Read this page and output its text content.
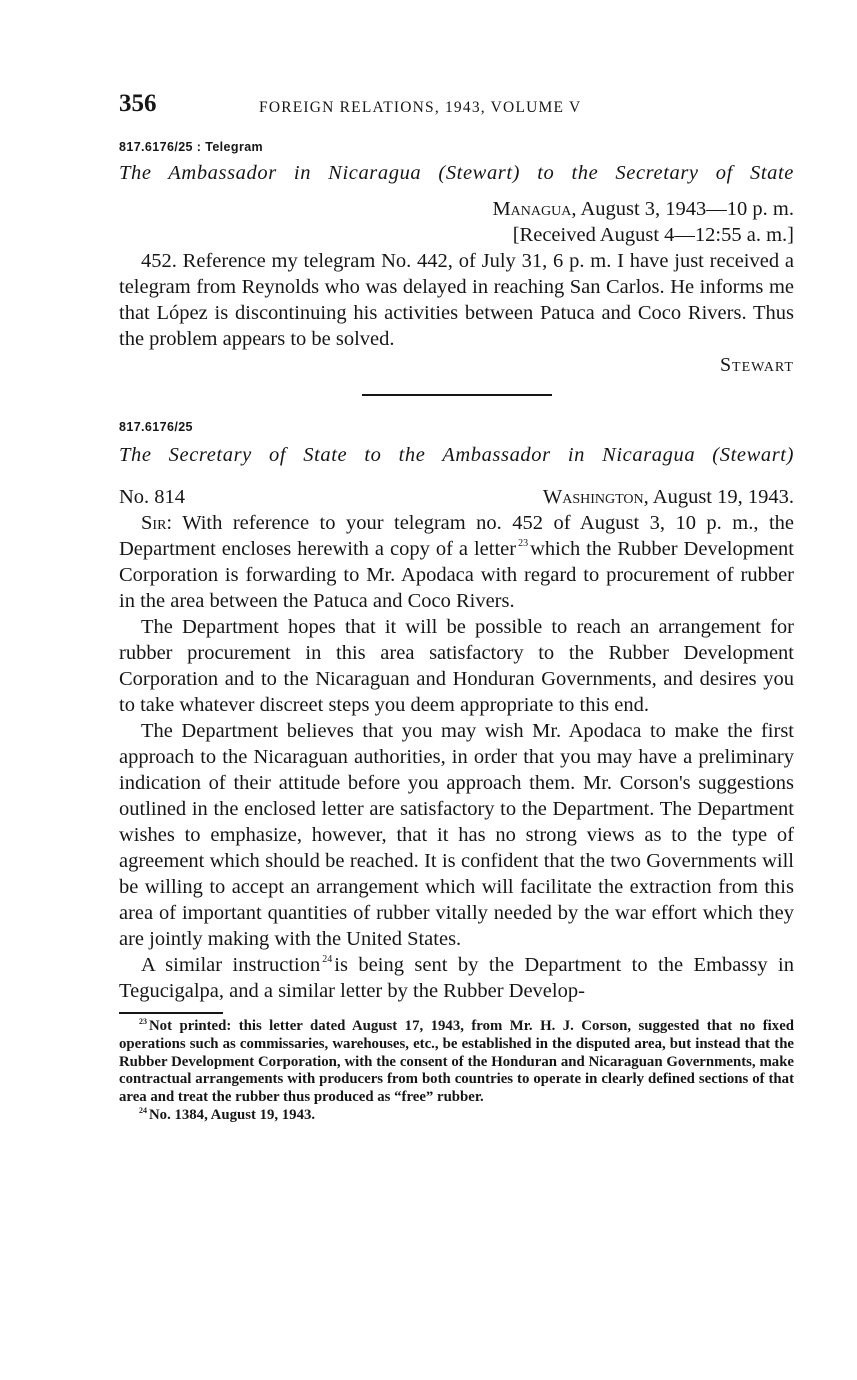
356	FOREIGN RELATIONS, 1943, VOLUME V
817.6176/25 : Telegram
The Ambassador in Nicaragua (Stewart) to the Secretary of State
Managua, August 3, 1943—10 p. m.
[Received August 4—12:55 a. m.]

452. Reference my telegram No. 442, of July 31, 6 p. m. I have just received a telegram from Reynolds who was delayed in reaching San Carlos. He informs me that López is discontinuing his activities between Patuca and Coco Rivers. Thus the problem appears to be solved.

Stewart
817.6176/25
The Secretary of State to the Ambassador in Nicaragua (Stewart)
No. 814	Washington, August 19, 1943.

Sir: With reference to your telegram no. 452 of August 3, 10 p. m., the Department encloses herewith a copy of a letter $^{23}$which the Rubber Development Corporation is forwarding to Mr. Apodaca with regard to procurement of rubber in the area between the Patuca and Coco Rivers.

The Department hopes that it will be possible to reach an arrangement for rubber procurement in this area satisfactory to the Rubber Development Corporation and to the Nicaraguan and Honduran Governments, and desires you to take whatever discreet steps you deem appropriate to this end.

The Department believes that you may wish Mr. Apodaca to make the first approach to the Nicaraguan authorities, in order that you may have a preliminary indication of their attitude before you approach them. Mr. Corson's suggestions outlined in the enclosed letter are satisfactory to the Department. The Department wishes to emphasize, however, that it has no strong views as to the type of agreement which should be reached. It is confident that the two Governments will be willing to accept an arrangement which will facilitate the extraction from this area of important quantities of rubber vitally needed by the war effort which they are jointly making with the United States.

A similar instruction $^{24}$is being sent by the Department to the Embassy in Tegucigalpa, and a similar letter by the Rubber Develop-

$^{23}$ Not printed: this letter dated August 17, 1943, from Mr. H. J. Corson, suggested that no fixed operations such as commissaries, warehouses, etc., be established in the disputed area, but instead that the Rubber Development Corporation, with the consent of the Honduran and Nicaraguan Governments, make contractual arrangements with producers from both countries to operate in clearly defined sections of that area and treat the rubber thus produced as “free” rubber.

$^{24}$ No. 1384, August 19, 1943.
